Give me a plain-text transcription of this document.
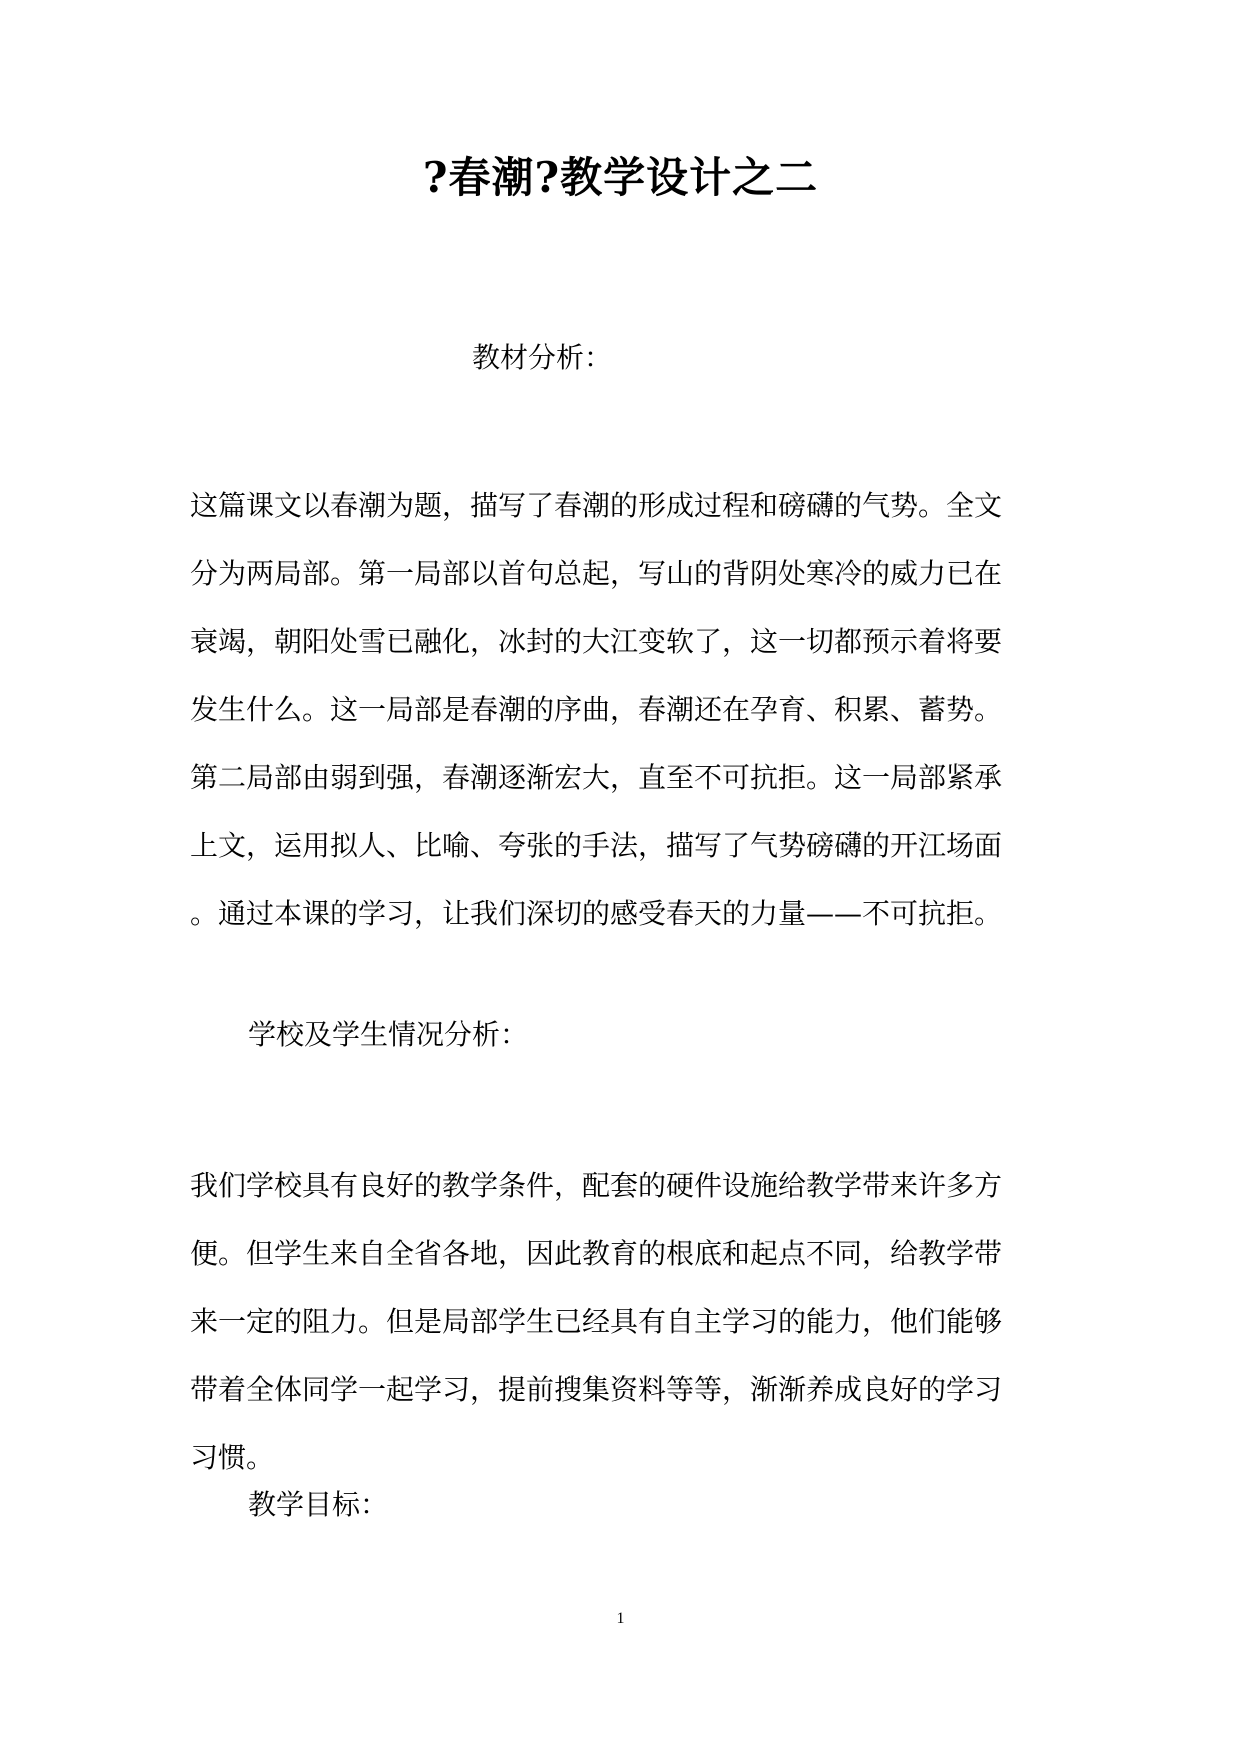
?春潮?教学设计之二
教材分析：
这篇课文以春潮为题，描写了春潮的形成过程和磅礴的气势。全文
分为两局部。第一局部以首句总起，写山的背阴处寒冷的威力已在
衰竭，朝阳处雪已融化，冰封的大江变软了，这一切都预示着将要
发生什么。这一局部是春潮的序曲，春潮还在孕育、积累、蓄势。
第二局部由弱到强，春潮逐渐宏大，直至不可抗拒。这一局部紧承
上文，运用拟人、比喻、夸张的手法，描写了气势磅礴的开江场面
。通过本课的学习，让我们深切的感受春天的力量——不可抗拒。
学校及学生情况分析：
我们学校具有良好的教学条件，配套的硬件设施给教学带来许多方
便。但学生来自全省各地，因此教育的根底和起点不同，给教学带
来一定的阻力。但是局部学生已经具有自主学习的能力，他们能够
带着全体同学一起学习，提前搜集资料等等，渐渐养成良好的学习
习惯。
教学目标：
1
